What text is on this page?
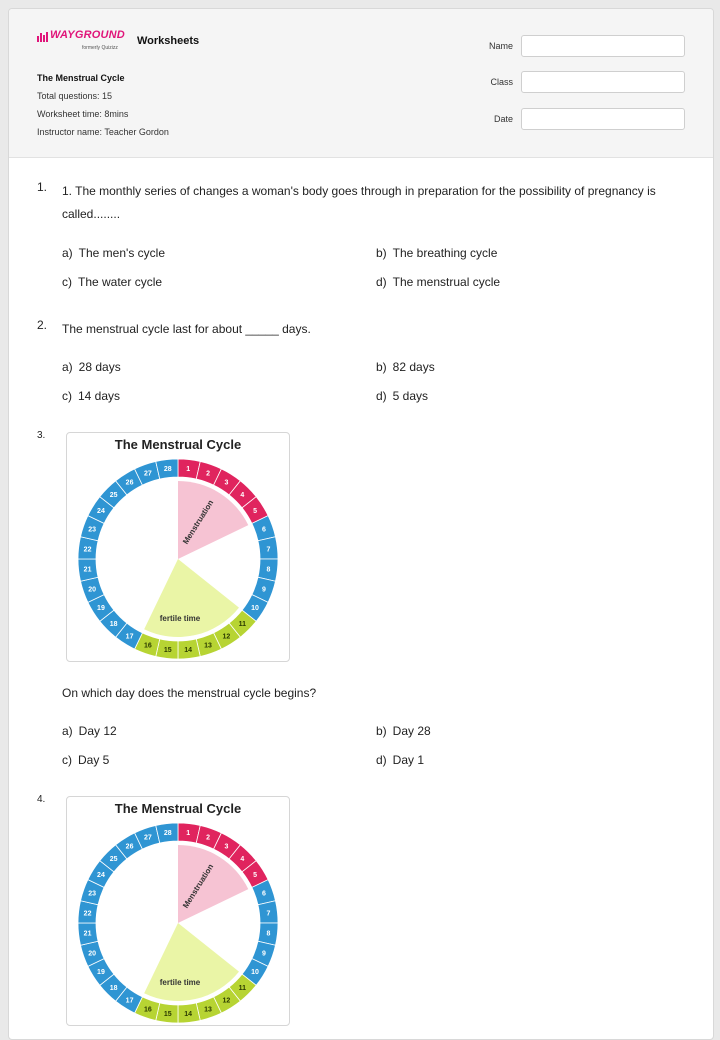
WAYGROUND
formerly Quizizz
Worksheets
The Menstrual Cycle
Total questions: 15
Worksheet time: 8mins
Instructor name: Teacher Gordon
Name
Class
Date
1.	1. The monthly series of changes a woman's body goes through in preparation for the possibility of pregnancy is called........
a) The men's cycle	b) The breathing cycle
c) The water cycle	d) The menstrual cycle
2.	The menstrual cycle last for about _____ days.
a) 28 days	b) 82 days
c) 14 days	d) 5 days
3.
The Menstrual Cycle
1
2
3
4
5
6
7
8
9
10
11
12
13
14
15
16
17
18
19
20
21
22
23
24
25
26
27
28
Menstruation
fertile time
On which day does the menstrual cycle begins?
a) Day 12	b) Day 28
c) Day 5	d) Day 1
4.
The Menstrual Cycle
1
2
3
4
5
6
7
8
9
10
11
12
13
14
15
16
17
18
19
20
21
22
23
24
25
26
27
28
Menstruation
fertile time
